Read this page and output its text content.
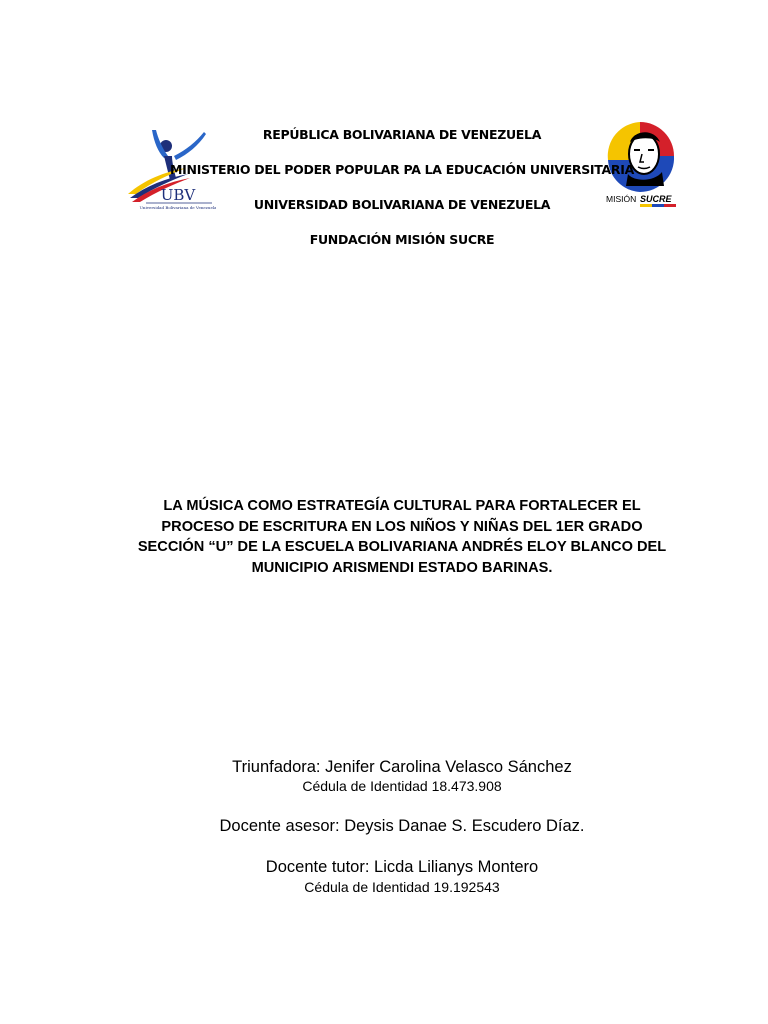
UBV
Universidad Bolivariana de Venezuela
MISIÓN SUCRE
REPÚBLICA BOLIVARIANA DE VENEZUELA
MINISTERIO DEL PODER POPULAR PA LA EDUCACIÓN UNIVERSITARIA
UNIVERSIDAD BOLIVARIANA DE VENEZUELA
FUNDACIÓN MISIÓN SUCRE
LA MÚSICA COMO ESTRATEGÍA CULTURAL PARA FORTALECER EL
PROCESO DE ESCRITURA EN LOS NIÑOS Y NIÑAS DEL 1ER GRADO
SECCIÓN “U” DE LA ESCUELA BOLIVARIANA ANDRÉS ELOY BLANCO DEL
MUNICIPIO ARISMENDI ESTADO BARINAS.
Triunfadora: Jenifer Carolina Velasco Sánchez
Cédula de Identidad 18.473.908
Docente asesor: Deysis Danae S. Escudero Díaz.
Docente tutor: Licda Lilianys Montero
Cédula de Identidad 19.192543
